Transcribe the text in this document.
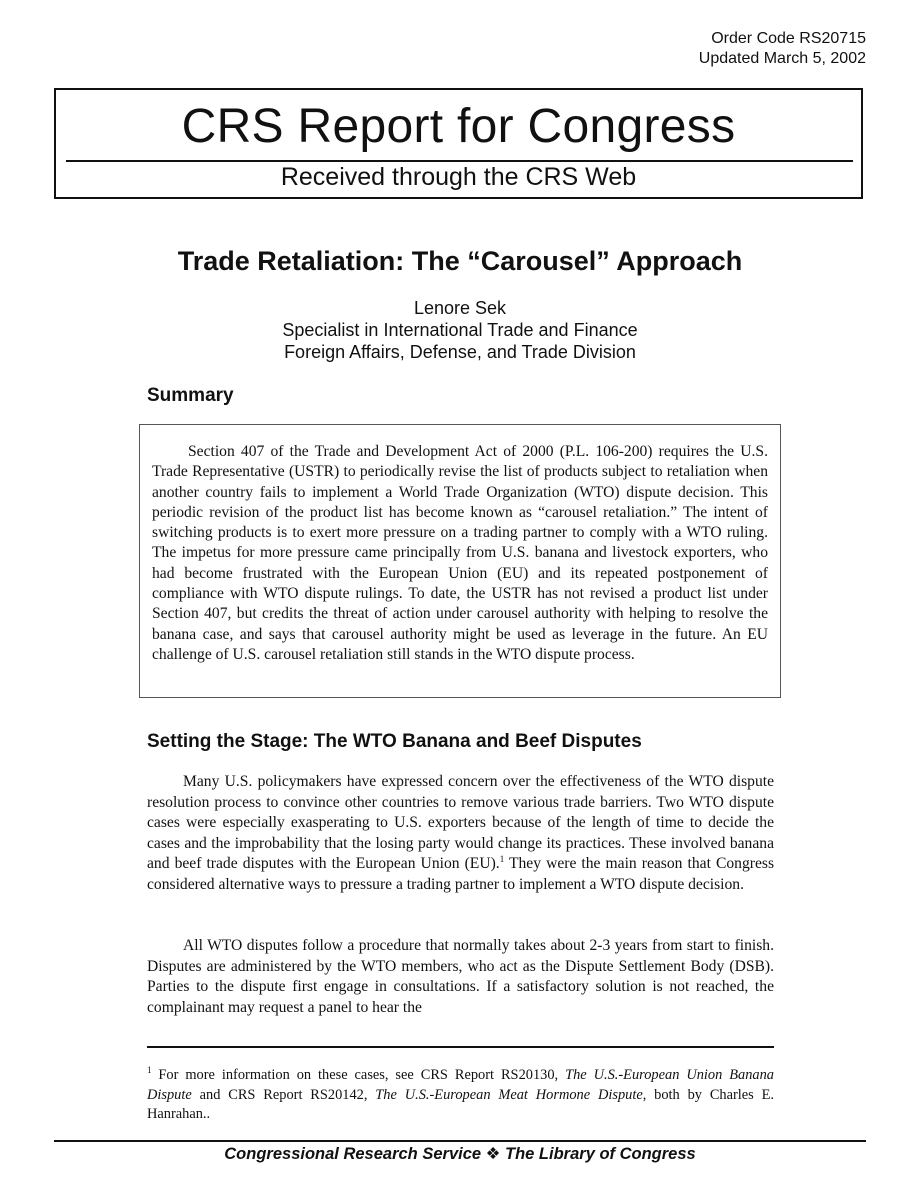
Order Code RS20715
Updated March 5, 2002
CRS Report for Congress
Received through the CRS Web
Trade Retaliation: The “Carousel” Approach
Lenore Sek
Specialist in International Trade and Finance
Foreign Affairs, Defense, and Trade Division
Summary

Section 407 of the Trade and Development Act of 2000 (P.L. 106-200) requires the U.S. Trade Representative (USTR) to periodically revise the list of products subject to retaliation when another country fails to implement a World Trade Organization (WTO) dispute decision. This periodic revision of the product list has become known as “carousel retaliation.” The intent of switching products is to exert more pressure on a trading partner to comply with a WTO ruling. The impetus for more pressure came principally from U.S. banana and livestock exporters, who had become frustrated with the European Union (EU) and its repeated postponement of compliance with WTO dispute rulings. To date, the USTR has not revised a product list under Section 407, but credits the threat of action under carousel authority with helping to resolve the banana case, and says that carousel authority might be used as leverage in the future. An EU challenge of U.S. carousel retaliation still stands in the WTO dispute process.

Setting the Stage: The WTO Banana and Beef Disputes

Many U.S. policymakers have expressed concern over the effectiveness of the WTO dispute resolution process to convince other countries to remove various trade barriers. Two WTO dispute cases were especially exasperating to U.S. exporters because of the length of time to decide the cases and the improbability that the losing party would change its practices. These involved banana and beef trade disputes with the European Union (EU).$^1$ They were the main reason that Congress considered alternative ways to pressure a trading partner to implement a WTO dispute decision.

All WTO disputes follow a procedure that normally takes about 2-3 years from start to finish. Disputes are administered by the WTO members, who act as the Dispute Settlement Body (DSB). Parties to the dispute first engage in consultations. If a satisfactory solution is not reached, the complainant may request a panel to hear the

$^1$ For more information on these cases, see CRS Report RS20130, The U.S.-European Union Banana Dispute and CRS Report RS20142, The U.S.-European Meat Hormone Dispute, both by Charles E. Hanrahan..

Congressional Research Service ❖ The Library of Congress
